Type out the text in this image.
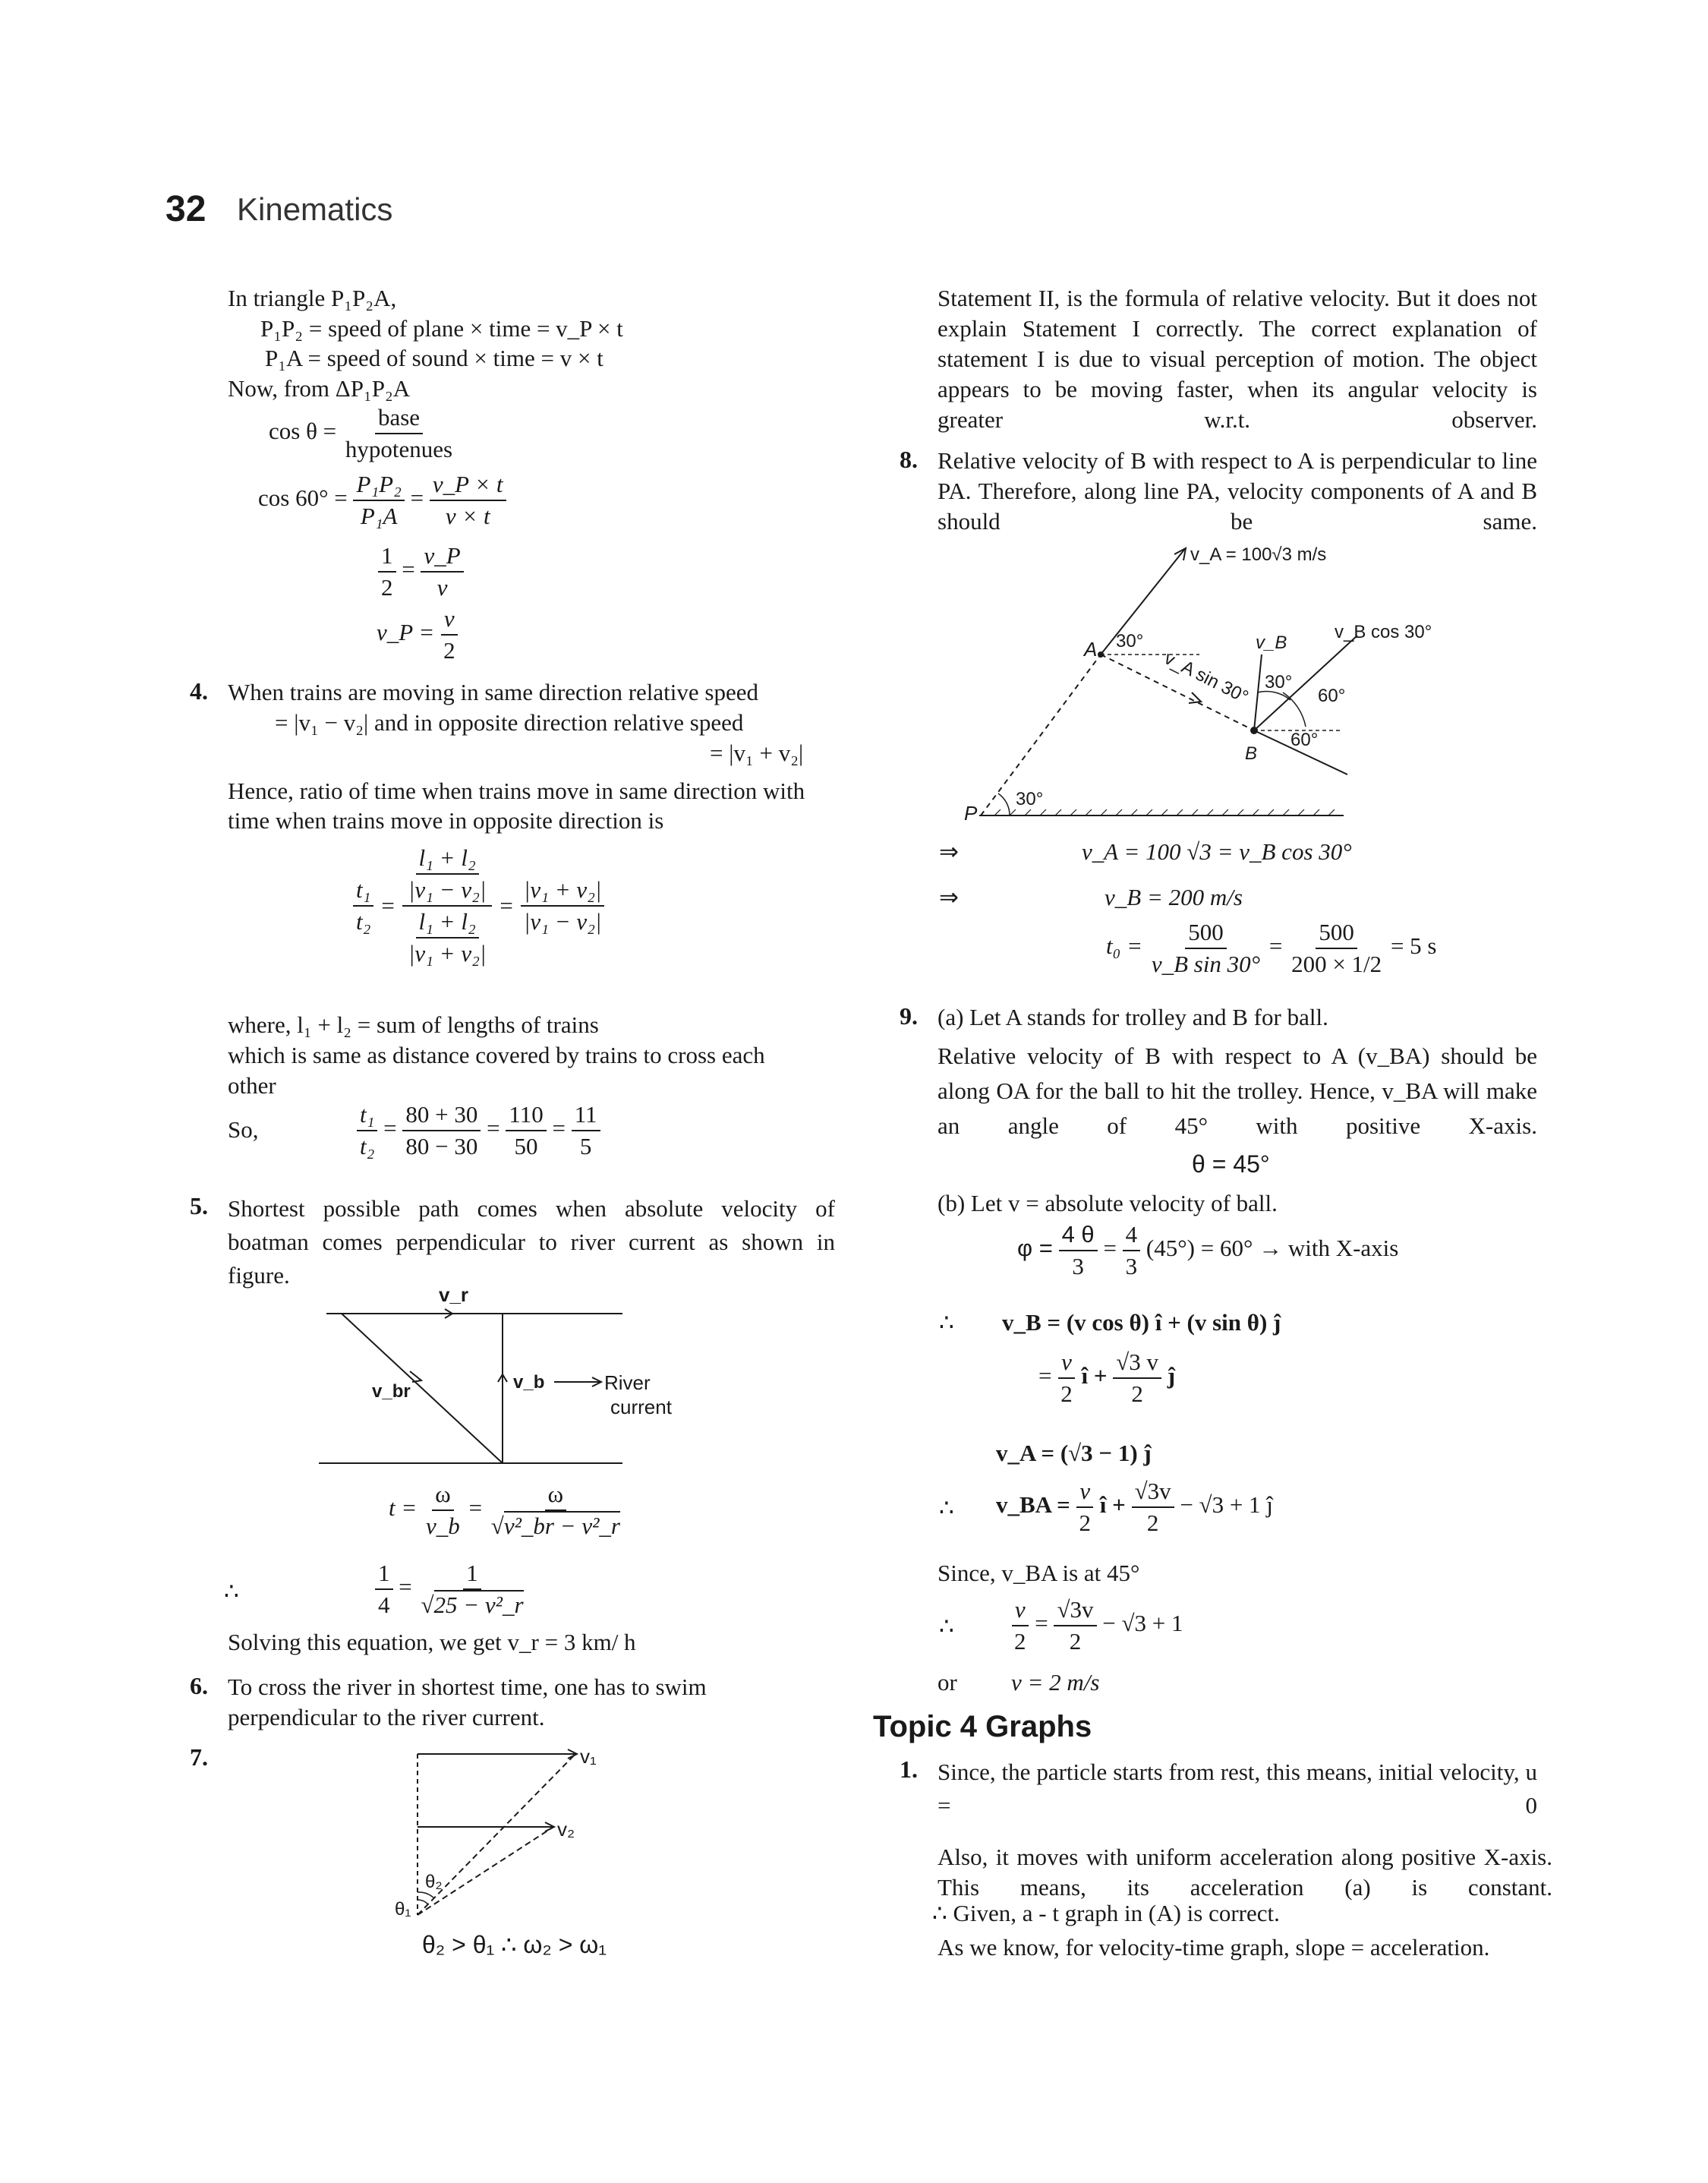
32 Kinematics
In triangle P₁P₂A,
P₁P₂ = speed of plane × time = v_P × t
P₁A = speed of sound × time = v × t
Now, from ΔP₁P₂A
$\cos \theta = \frac{\text{base}}{\text{hypotenues}}$
$\cos 60^\circ = \frac{\text{P₁P₂}}{\text{P₁A}} = \frac{v\_P \times t}{v \times t}$
$\frac{1}{2} = \frac{v\_P}{v}$
v_P = $\frac{v}{2}$
4. When trains are moving in same direction relative speed
= |v₁ − v₂| and in opposite direction relative speed
= |v₁ + v₂|
Hence, ratio of time when trains move in same direction with
time when trains move in opposite direction is
$\frac{\text{t₁}}{\text{t₂}} = \frac{\frac{\text{l₁ + l₂}}{\text{|v₁ − v₂|}}}{\frac{\text{l₁ + l₂}}{\text{|v₁ + v₂|}}} = \frac{\text{|v₁ + v₂|}}{\text{|v₁ − v₂|}}$
where, l₁ + l₂ = sum of lengths of trains
which is same as distance covered by trains to cross each
other
So,	$\frac{\text{t₁}}{\text{t₂}} = \frac{80 + 30}{80 - 30} = \frac{110}{50} = \frac{11}{5}$
5. Shortest possible path comes when absolute velocity of boatman comes perpendicular to river current as shown in figure.
v_r
v_br	v_b	River
current
$t = \frac{\omega}{v\_b} = \frac{\omega}{\text{√v²\_br − v²\_r}}$
∴	$\frac{1}{4} = \frac{1}{\text{√25 − v²\_r}}$
Solving this equation, we get v_r = 3 km/ h
6. To cross the river in shortest time, one has to swim
perpendicular to the river current.
7.	v₁
v₂
θ₂
θ₁
θ₂ > θ₁ ∴ ω₂ > ω₁
Statement II, is the formula of relative velocity. But it does not explain Statement I correctly. The correct explanation of statement I is due to visual perception of motion. The object appears to be moving faster, when its angular velocity is greater w.r.t. observer.
8. Relative velocity of B with respect to A is perpendicular to line PA. Therefore, along line PA, velocity components of A and B should be same.
v_A = 100√3 m/s
A 30°
v_A sin 30°
B
v_B
v_B cos 30°
30°
60°
60°
P
30°
⇒	v_A = 100 √3 = v_B cos 30°
⇒	v_B = 200 m/s
$t_0 = \frac{500}{\text{v\_B sin 30°}} = \frac{500}{200 \times 1/2} = 5$ s
9. (a) Let A stands for trolley and B for ball.
Relative velocity of B with respect to A (v_BA) should be along OA for the ball to hit the trolley. Hence, v_BA will make an angle of 45° with positive X-axis.
θ = 45°
(b) Let v = absolute velocity of ball.
$\varphi = \frac{4 \theta}{3} = \frac{4}{3} (45^\circ) = 60^\circ$ → with X-axis
∴ v_B = (v cos θ) î + (v sin θ) ĵ
= $\frac{v}{2}$ î + $\frac{√3 v}{2}$ ĵ
v_A = (√3 − 1) ĵ
∴ v_BA = $\frac{v}{2}$ î + $\frac{√3v}{2} - √3 + 1$ ĵ
Since, v_BA is at 45°
∴ $\frac{v}{2} = \frac{√3v}{2} - √3 + 1$
or v = 2 m/s
Topic 4 Graphs
1. Since, the particle starts from rest, this means, initial velocity, u = 0
Also, it moves with uniform acceleration along positive X-axis. This means, its acceleration (a) is constant.
∴ Given, a - t graph in (A) is correct.
As we know, for velocity-time graph, slope = acceleration.
